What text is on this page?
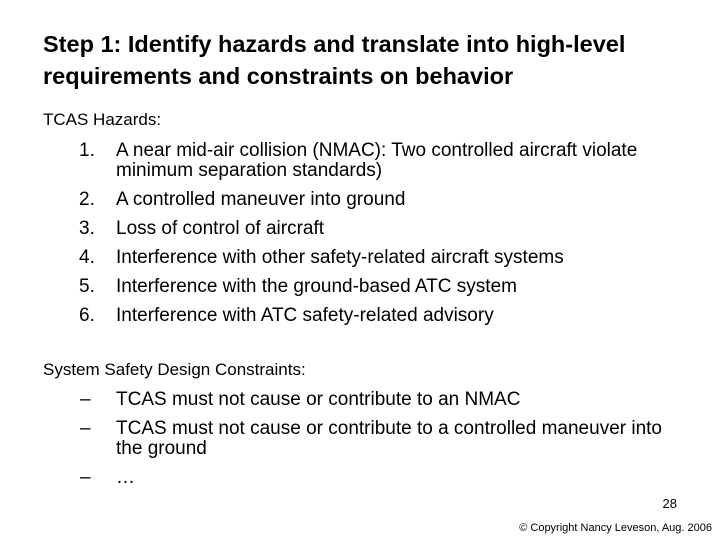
Step 1: Identify hazards and translate into high-level requirements and constraints on behavior

TCAS Hazards:

1. A near mid-air collision (NMAC): Two controlled aircraft violate minimum separation standards)
2. A controlled maneuver into ground
3. Loss of control of aircraft
4. Interference with other safety-related aircraft systems
5. Interference with the ground-based ATC system
6. Interference with ATC safety-related advisory

System Safety Design Constraints:

– TCAS must not cause or contribute to an NMAC
– TCAS must not cause or contribute to a controlled maneuver into the ground
– …

28

© Copyright Nancy Leveson, Aug. 2006
